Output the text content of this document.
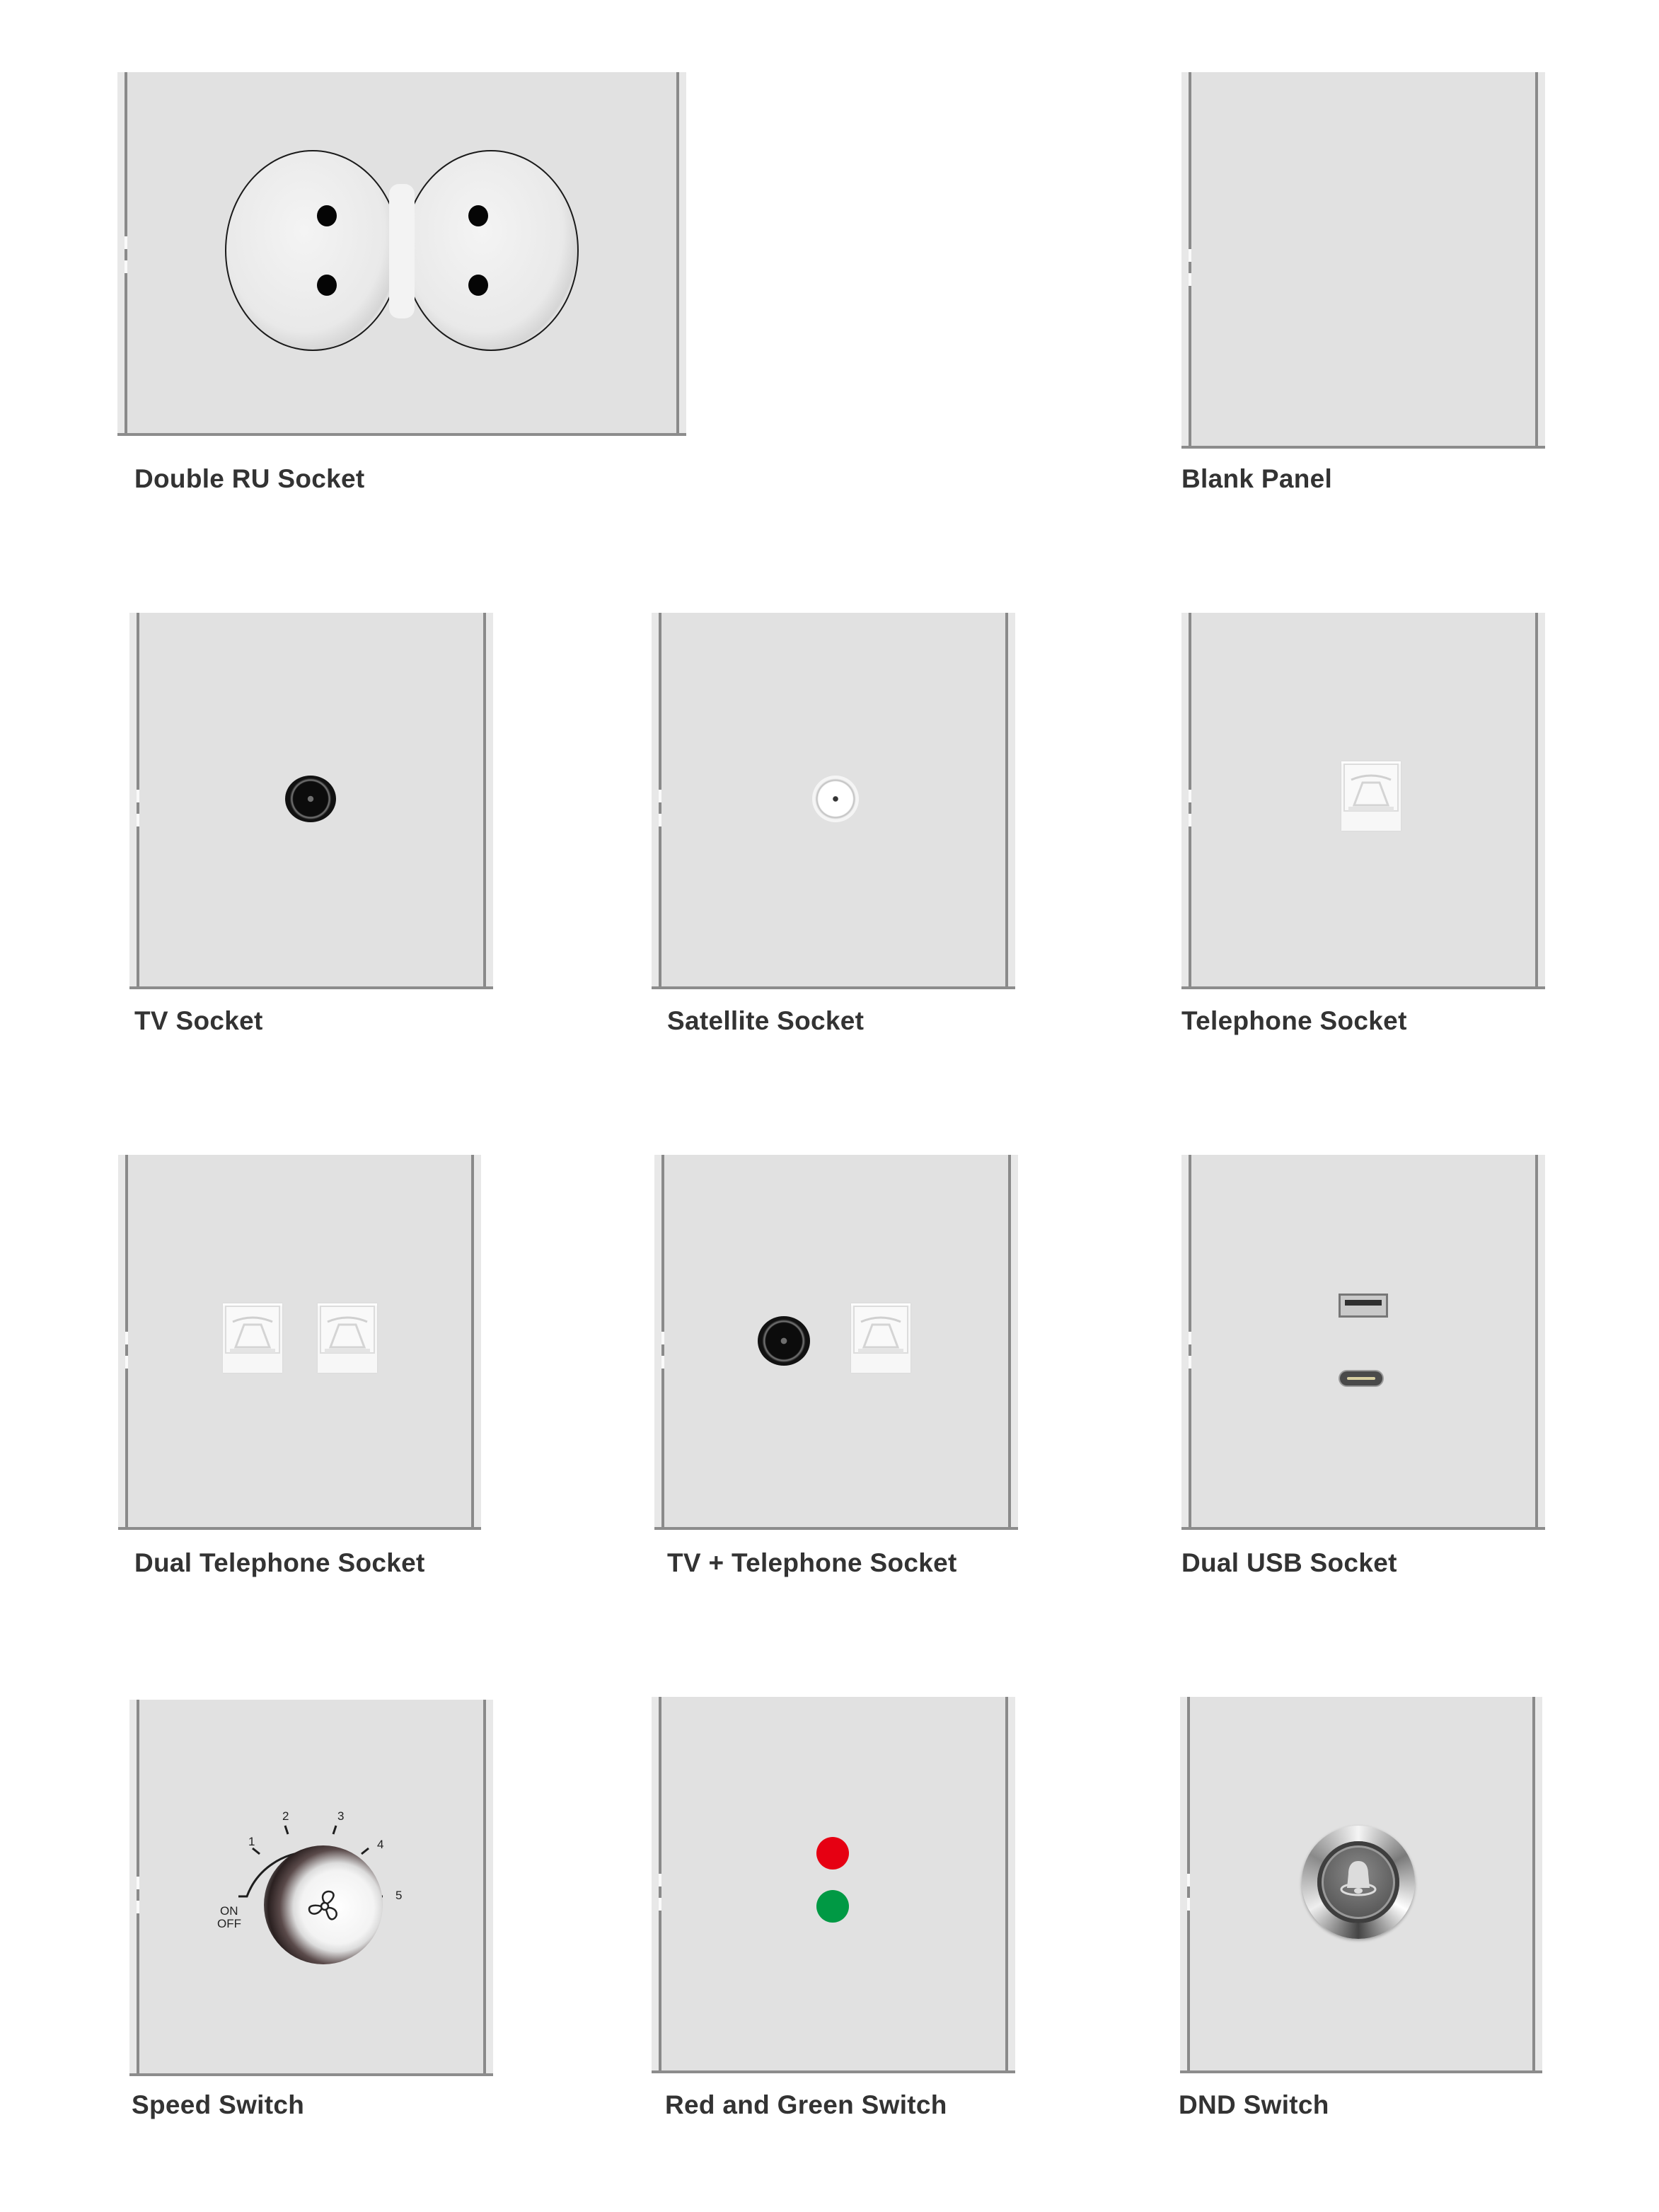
Double RU Socket	Blank Panel
TV Socket	Satellite Socket	Telephone Socket
Dual Telephone Socket	TV + Telephone Socket	Dual USB Socket
1
2	3
4
5
ON
OFF
Speed Switch	Red and Green Switch	DND Switch
